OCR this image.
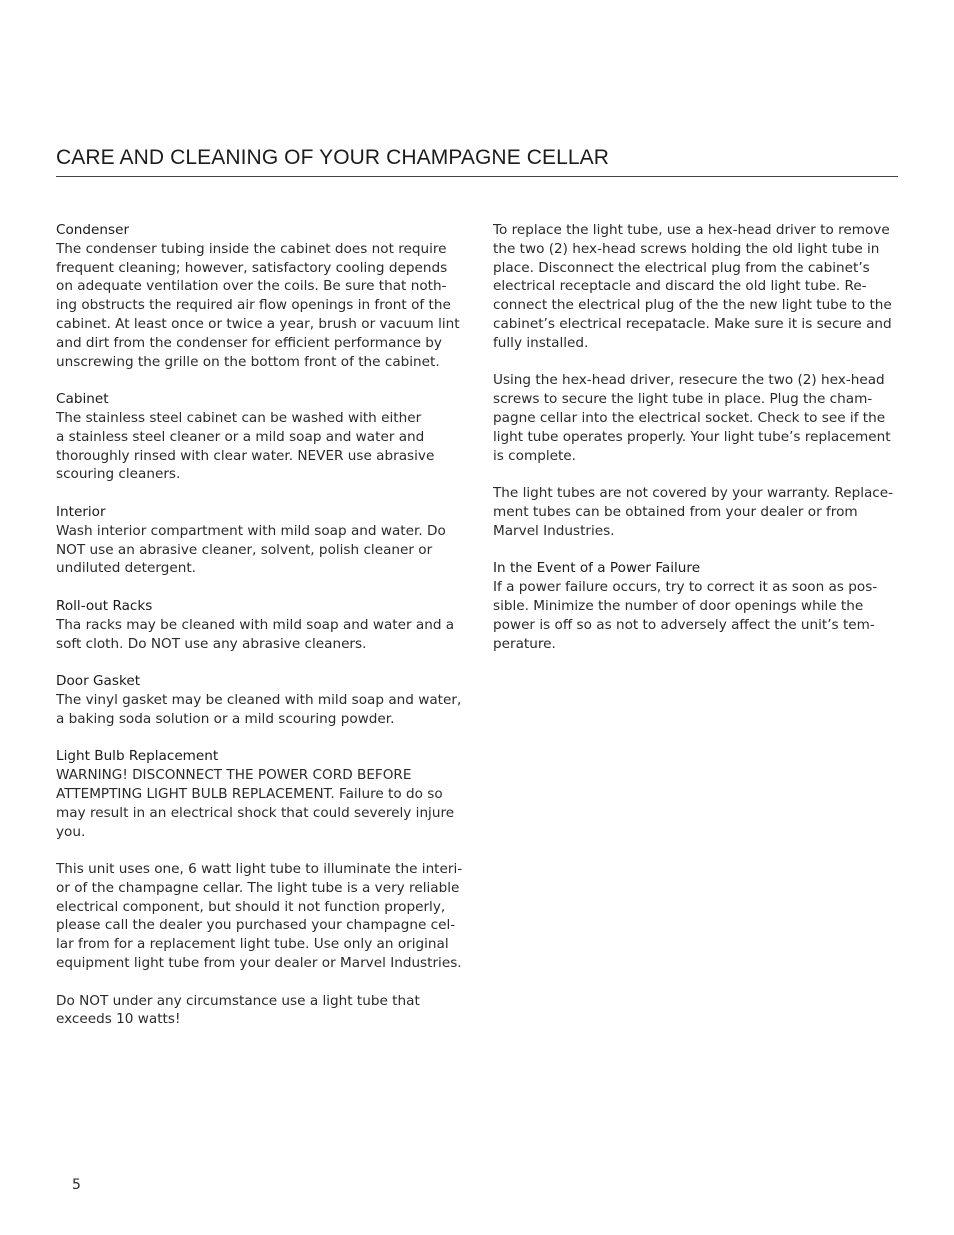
CARE AND CLEANING OF YOUR CHAMPAGNE CELLAR
Condenser
The condenser tubing inside the cabinet does not require
frequent cleaning; however, satisfactory cooling depends
on adequate ventilation over the coils. Be sure that noth-
ing obstructs the required air flow openings in front of the
cabinet. At least once or twice a year, brush or vacuum lint
and dirt from the condenser for efficient performance by
unscrewing the grille on the bottom front of the cabinet.
Cabinet
The stainless steel cabinet can be washed with either
a stainless steel cleaner or a mild soap and water and
thoroughly rinsed with clear water. NEVER use abrasive
scouring cleaners.
Interior
Wash interior compartment with mild soap and water. Do
NOT use an abrasive cleaner, solvent, polish cleaner or
undiluted detergent.
Roll-out Racks
Tha racks may be cleaned with mild soap and water and a
soft cloth. Do NOT use any abrasive cleaners.
Door Gasket
The vinyl gasket may be cleaned with mild soap and water,
a baking soda solution or a mild scouring powder.
Light Bulb Replacement
WARNING! DISCONNECT THE POWER CORD BEFORE
ATTEMPTING LIGHT BULB REPLACEMENT. Failure to do so
may result in an electrical shock that could severely injure
you.
This unit uses one, 6 watt light tube to illuminate the interi-
or of the champagne cellar. The light tube is a very reliable
electrical component, but should it not function properly,
please call the dealer you purchased your champagne cel-
lar from for a replacement light tube. Use only an original
equipment light tube from your dealer or Marvel Industries.
Do NOT under any circumstance use a light tube that
exceeds 10 watts!
To replace the light tube, use a hex-head driver to remove
the two (2) hex-head screws holding the old light tube in
place. Disconnect the electrical plug from the cabinet’s
electrical receptacle and discard the old light tube. Re-
connect the electrical plug of the the new light tube to the
cabinet’s electrical recepatacle. Make sure it is secure and
fully installed.
Using the hex-head driver, resecure the two (2) hex-head
screws to secure the light tube in place. Plug the cham-
pagne cellar into the electrical socket. Check to see if the
light tube operates properly. Your light tube’s replacement
is complete.
The light tubes are not covered by your warranty. Replace-
ment tubes can be obtained from your dealer or from
Marvel Industries.
In the Event of a Power Failure
If a power failure occurs, try to correct it as soon as pos-
sible. Minimize the number of door openings while the
power is off so as not to adversely affect the unit’s tem-
perature.
5
